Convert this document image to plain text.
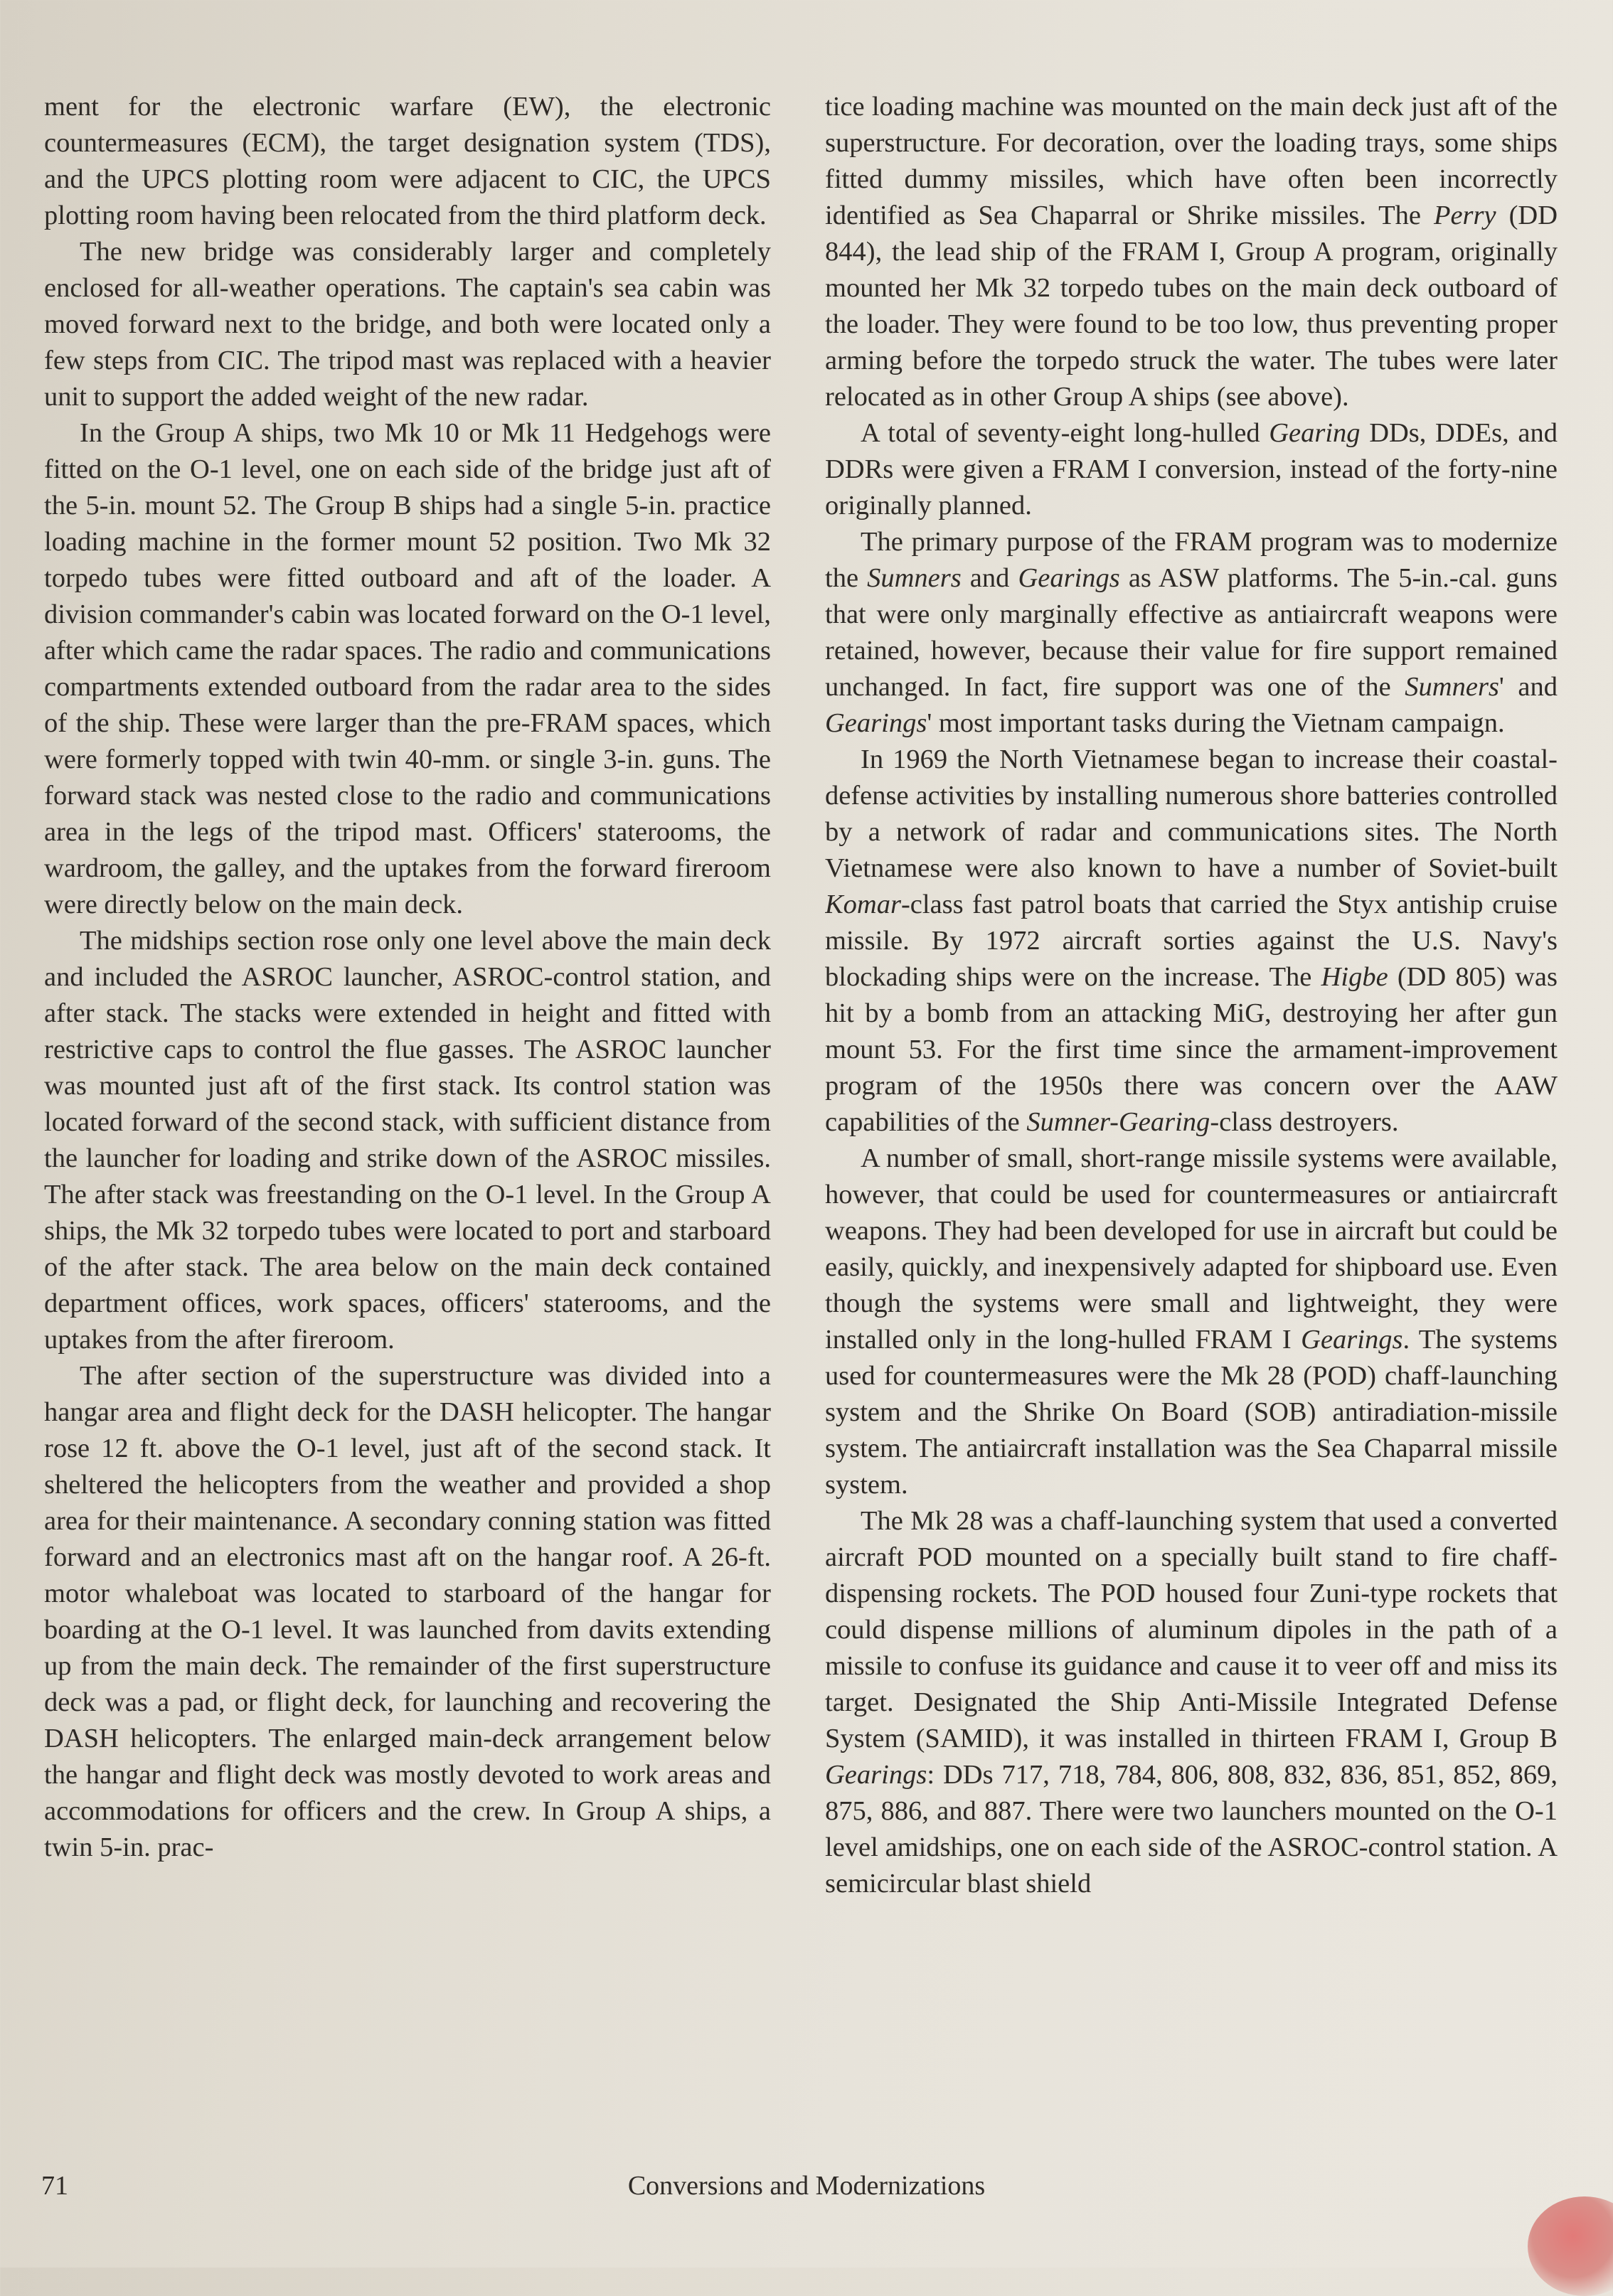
ment for the electronic warfare (EW), the electronic countermeasures (ECM), the target designation system (TDS), and the UPCS plotting room were adjacent to CIC, the UPCS plotting room having been relocated from the third platform deck.

The new bridge was considerably larger and completely enclosed for all-weather operations. The captain's sea cabin was moved forward next to the bridge, and both were located only a few steps from CIC. The tripod mast was replaced with a heavier unit to support the added weight of the new radar.

In the Group A ships, two Mk 10 or Mk 11 Hedgehogs were fitted on the O-1 level, one on each side of the bridge just aft of the 5-in. mount 52. The Group B ships had a single 5-in. practice loading machine in the former mount 52 position. Two Mk 32 torpedo tubes were fitted outboard and aft of the loader. A division commander's cabin was located forward on the O-1 level, after which came the radar spaces. The radio and communications compartments extended outboard from the radar area to the sides of the ship. These were larger than the pre-FRAM spaces, which were formerly topped with twin 40-mm. or single 3-in. guns. The forward stack was nested close to the radio and communications area in the legs of the tripod mast. Officers' staterooms, the wardroom, the galley, and the uptakes from the forward fireroom were directly below on the main deck.

The midships section rose only one level above the main deck and included the ASROC launcher, ASROC-control station, and after stack. The stacks were extended in height and fitted with restrictive caps to control the flue gasses. The ASROC launcher was mounted just aft of the first stack. Its control station was located forward of the second stack, with sufficient distance from the launcher for loading and strike down of the ASROC missiles. The after stack was freestanding on the O-1 level. In the Group A ships, the Mk 32 torpedo tubes were located to port and starboard of the after stack. The area below on the main deck contained department offices, work spaces, officers' staterooms, and the uptakes from the after fireroom.

The after section of the superstructure was divided into a hangar area and flight deck for the DASH helicopter. The hangar rose 12 ft. above the O-1 level, just aft of the second stack. It sheltered the helicopters from the weather and provided a shop area for their maintenance. A secondary conning station was fitted forward and an electronics mast aft on the hangar roof. A 26-ft. motor whaleboat was located to starboard of the hangar for boarding at the O-1 level. It was launched from davits extending up from the main deck. The remainder of the first superstructure deck was a pad, or flight deck, for launching and recovering the DASH helicopters. The enlarged main-deck arrangement below the hangar and flight deck was mostly devoted to work areas and accommodations for officers and the crew. In Group A ships, a twin 5-in. prac-

tice loading machine was mounted on the main deck just aft of the superstructure. For decoration, over the loading trays, some ships fitted dummy missiles, which have often been incorrectly identified as Sea Chaparral or Shrike missiles. The Perry (DD 844), the lead ship of the FRAM I, Group A program, originally mounted her Mk 32 torpedo tubes on the main deck outboard of the loader. They were found to be too low, thus preventing proper arming before the torpedo struck the water. The tubes were later relocated as in other Group A ships (see above).

A total of seventy-eight long-hulled Gearing DDs, DDEs, and DDRs were given a FRAM I conversion, instead of the forty-nine originally planned.

The primary purpose of the FRAM program was to modernize the Sumners and Gearings as ASW platforms. The 5-in.-cal. guns that were only marginally effective as antiaircraft weapons were retained, however, because their value for fire support remained unchanged. In fact, fire support was one of the Sumners' and Gearings' most important tasks during the Vietnam campaign.

In 1969 the North Vietnamese began to increase their coastal-defense activities by installing numerous shore batteries controlled by a network of radar and communications sites. The North Vietnamese were also known to have a number of Soviet-built Komar-class fast patrol boats that carried the Styx antiship cruise missile. By 1972 aircraft sorties against the U.S. Navy's blockading ships were on the increase. The Higbe (DD 805) was hit by a bomb from an attacking MiG, destroying her after gun mount 53. For the first time since the armament-improvement program of the 1950s there was concern over the AAW capabilities of the Sumner-Gearing-class destroyers.

A number of small, short-range missile systems were available, however, that could be used for countermeasures or antiaircraft weapons. They had been developed for use in aircraft but could be easily, quickly, and inexpensively adapted for shipboard use. Even though the systems were small and lightweight, they were installed only in the long-hulled FRAM I Gearings. The systems used for countermeasures were the Mk 28 (POD) chaff-launching system and the Shrike On Board (SOB) antiradiation-missile system. The antiaircraft installation was the Sea Chaparral missile system.

The Mk 28 was a chaff-launching system that used a converted aircraft POD mounted on a specially built stand to fire chaff-dispensing rockets. The POD housed four Zuni-type rockets that could dispense millions of aluminum dipoles in the path of a missile to confuse its guidance and cause it to veer off and miss its target. Designated the Ship Anti-Missile Integrated Defense System (SAMID), it was installed in thirteen FRAM I, Group B Gearings: DDs 717, 718, 784, 806, 808, 832, 836, 851, 852, 869, 875, 886, and 887. There were two launchers mounted on the O-1 level amidships, one on each side of the ASROC-control station. A semicircular blast shield

71	Conversions and Modernizations
